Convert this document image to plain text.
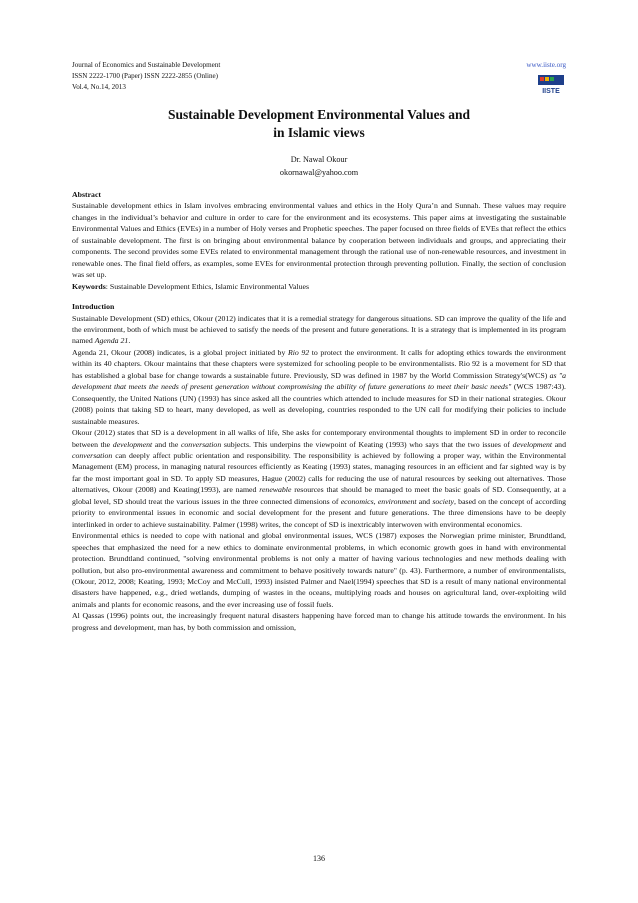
Journal of Economics and Sustainable Development
ISSN 2222-1700 (Paper) ISSN 2222-2855 (Online)
Vol.4, No.14, 2013
www.iiste.org
IISTE
Sustainable Development Environmental Values and
in Islamic views
Dr. Nawal Okour
okornawal@yahoo.com

Abstract

Sustainable development ethics in Islam involves embracing environmental values and ethics in the Holy Qura’n and Sunnah. These values may require changes in the individual’s behavior and culture in order to care for the environment and its ecosystems. This paper aims at investigating the sustainable Environmental Values and Ethics (EVEs) in a number of Holy verses and Prophetic speeches. The paper focused on three fields of EVEs that reflect the ethics of sustainable development. The first is on bringing about environmental balance by cooperation between individuals and groups, and appreciating their components. The second provides some EVEs related to environmental management through the rational use of non-renewable resources, and investment in renewable ones. The final field offers, as examples, some EVEs for environmental protection through preventing pollution. Finally, the section of conclusion was set up.

Keywords: Sustainable Development Ethics, Islamic Environmental Values

Introduction

Sustainable Development (SD) ethics, Okour (2012) indicates that it is a remedial strategy for dangerous situations. SD can improve the quality of the life and the environment, both of which must be achieved to satisfy the needs of the present and future generations. It is a strategy that is implemented in its program named Agenda 21.

Agenda 21, Okour (2008) indicates, is a global project initiated by Rio 92 to protect the environment. It calls for adopting ethics towards the environment within its 40 chapters. Okour maintains that these chapters were systemized for schooling people to be environmentalists. Rio 92 is a movement for SD that has established a global base for change towards a sustainable future. Previously, SD was defined in 1987 by the World Commission Strategy's(WCS) as "a development that meets the needs of present generation without compromising the ability of future generations to meet their basic needs" (WCS 1987:43). Consequently, the United Nations (UN) (1993) has since asked all the countries which attended to include measures for SD in their national strategies. Okour (2008) points that taking SD to heart, many developed, as well as developing, countries responded to the UN call for modifying their policies to include sustainable measures.

Okour (2012) states that SD is a development in all walks of life, She asks for contemporary environmental thoughts to implement SD in order to reconcile between the development and the conversation subjects. This underpins the viewpoint of Keating (1993) who says that the two issues of development and conversation can deeply affect public orientation and responsibility. The responsibility is achieved by following a proper way, within the Environmental Management (EM) process, in managing natural resources efficiently as Keating (1993) states, managing resources in an efficient and far sighted way is by far the most important goal in SD. To apply SD measures, Hague (2002) calls for reducing the use of natural resources by seeking out alternatives. Those alternatives, Okour (2008) and Keating(1993), are named renewable resources that should be managed to meet the basic goals of SD. Consequently, at a global level, SD should treat the various issues in the three connected dimensions of economics, environment and society, based on the concept of according priority to environmental issues in economic and social development for the present and future generations. The three dimensions have to be deeply interlinked in order to achieve sustainability. Palmer (1998) writes, the concept of SD is inextricably interwoven with environmental economics.

Environmental ethics is needed to cope with national and global environmental issues, WCS (1987) exposes the Norwegian prime minister, Brundtland, speeches that emphasized the need for a new ethics to dominate environmental problems, in which economic growth goes in hand with environmental protection. Brundtland continued, "solving environmental problems is not only a matter of having various technologies and new methods dealing with pollution, but also pro-environmental awareness and commitment to behave positively towards nature" (p. 43). Furthermore, a number of environmentalists, (Okour, 2012, 2008; Keating, 1993; McCoy and McCull, 1993) insisted Palmer and Nael(1994) speeches that SD is a result of many national environmental disasters have happened, e.g., dried wetlands, dumping of wastes in the oceans, multiplying roads and houses on agricultural land, over-exploiting wild animals and plants for economic reasons, and the ever increasing use of fossil fuels.

Al Qassas (1996) points out, the increasingly frequent natural disasters happening have forced man to change his attitude towards the environment. In his progress and development, man has, by both commission and omission,

136
